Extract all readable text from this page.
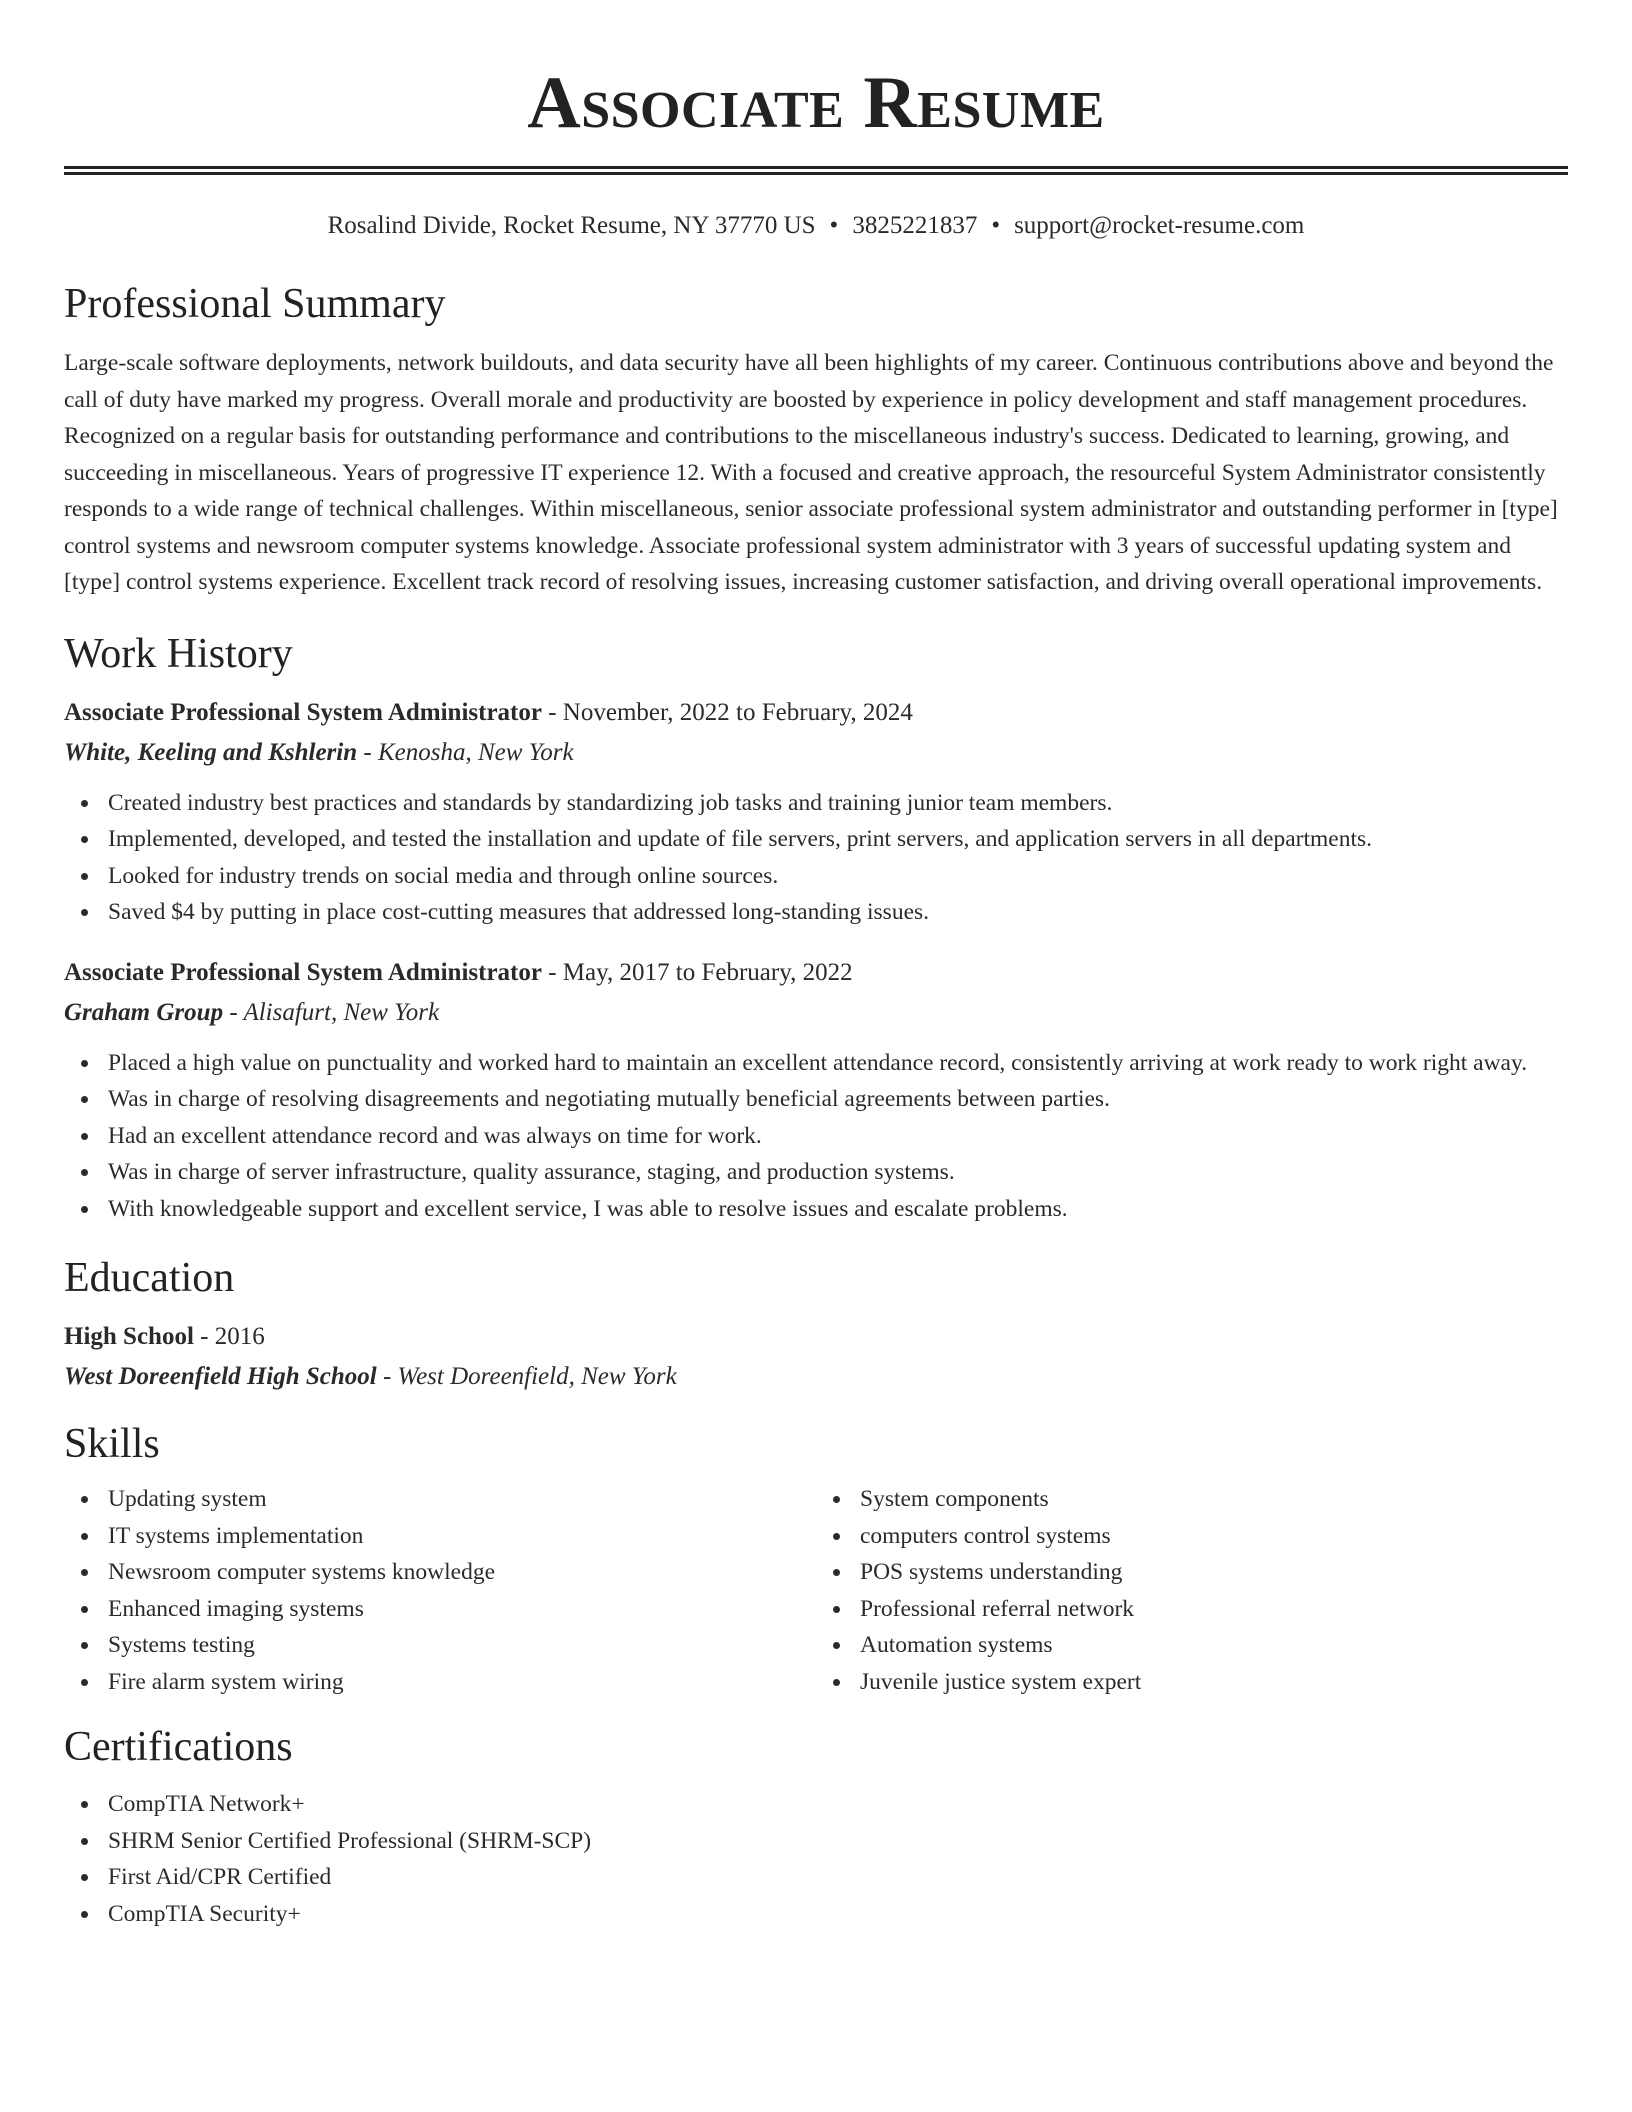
Associate Resume
Rosalind Divide, Rocket Resume, NY 37770 US • 3825221837 • support@rocket-resume.com
Professional Summary

Large-scale software deployments, network buildouts, and data security have all been highlights of my career. Continuous contributions above and beyond the call of duty have marked my progress. Overall morale and productivity are boosted by experience in policy development and staff management procedures. Recognized on a regular basis for outstanding performance and contributions to the miscellaneous industry's success. Dedicated to learning, growing, and succeeding in miscellaneous. Years of progressive IT experience 12. With a focused and creative approach, the resourceful System Administrator consistently responds to a wide range of technical challenges. Within miscellaneous, senior associate professional system administrator and outstanding performer in [type] control systems and newsroom computer systems knowledge. Associate professional system administrator with 3 years of successful updating system and [type] control systems experience. Excellent track record of resolving issues, increasing customer satisfaction, and driving overall operational improvements.

Work History
Associate Professional System Administrator - November, 2022 to February, 2024
White, Keeling and Kshlerin - Kenosha, New York
Created industry best practices and standards by standardizing job tasks and training junior team members.
Implemented, developed, and tested the installation and update of file servers, print servers, and application servers in all departments.
Looked for industry trends on social media and through online sources.
Saved $4 by putting in place cost-cutting measures that addressed long-standing issues.
Associate Professional System Administrator - May, 2017 to February, 2022
Graham Group - Alisafurt, New York
Placed a high value on punctuality and worked hard to maintain an excellent attendance record, consistently arriving at work ready to work right away.
Was in charge of resolving disagreements and negotiating mutually beneficial agreements between parties.
Had an excellent attendance record and was always on time for work.
Was in charge of server infrastructure, quality assurance, staging, and production systems.
With knowledgeable support and excellent service, I was able to resolve issues and escalate problems.
Education
High School - 2016
West Doreenfield High School - West Doreenfield, New York
Skills
Updating system
IT systems implementation
Newsroom computer systems knowledge
Enhanced imaging systems
Systems testing
Fire alarm system wiring
System components
computers control systems
POS systems understanding
Professional referral network
Automation systems
Juvenile justice system expert
Certifications
CompTIA Network+
SHRM Senior Certified Professional (SHRM-SCP)
First Aid/CPR Certified
CompTIA Security+
